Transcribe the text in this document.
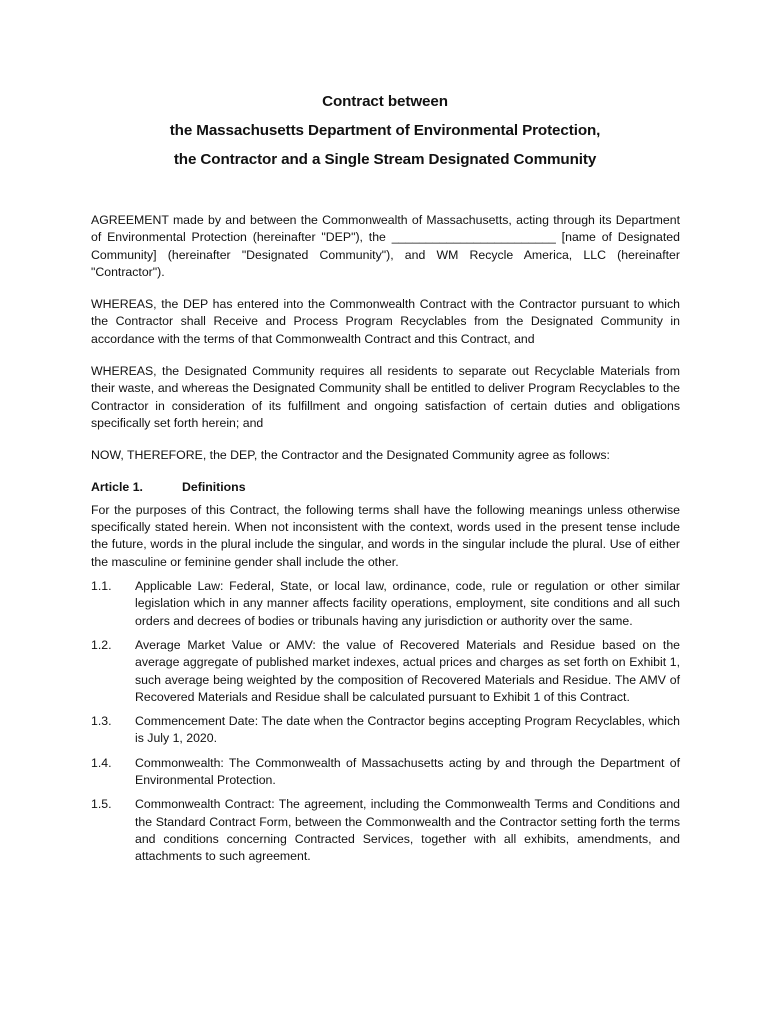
Contract between
the Massachusetts Department of Environmental Protection,
the Contractor and a Single Stream Designated Community

AGREEMENT made by and between the Commonwealth of Massachusetts, acting through its Department of Environmental Protection (hereinafter "DEP"), the ________________________ [name of Designated Community] (hereinafter "Designated Community"), and WM Recycle America, LLC (hereinafter "Contractor").

WHEREAS, the DEP has entered into the Commonwealth Contract with the Contractor pursuant to which the Contractor shall Receive and Process Program Recyclables from the Designated Community in accordance with the terms of that Commonwealth Contract and this Contract, and

WHEREAS, the Designated Community requires all residents to separate out Recyclable Materials from their waste, and whereas the Designated Community shall be entitled to deliver Program Recyclables to the Contractor in consideration of its fulfillment and ongoing satisfaction of certain duties and obligations specifically set forth herein; and

NOW, THEREFORE, the DEP, the Contractor and the Designated Community agree as follows:

Article 1.	Definitions

For the purposes of this Contract, the following terms shall have the following meanings unless otherwise specifically stated herein. When not inconsistent with the context, words used in the present tense include the future, words in the plural include the singular, and words in the singular include the plural. Use of either the masculine or feminine gender shall include the other.

1.1.	Applicable Law: Federal, State, or local law, ordinance, code, rule or regulation or other similar legislation which in any manner affects facility operations, employment, site conditions and all such orders and decrees of bodies or tribunals having any jurisdiction or authority over the same.
1.2.	Average Market Value or AMV: the value of Recovered Materials and Residue based on the average aggregate of published market indexes, actual prices and charges as set forth on Exhibit 1, such average being weighted by the composition of Recovered Materials and Residue. The AMV of Recovered Materials and Residue shall be calculated pursuant to Exhibit 1 of this Contract.
1.3.	Commencement Date: The date when the Contractor begins accepting Program Recyclables, which is July 1, 2020.
1.4.	Commonwealth: The Commonwealth of Massachusetts acting by and through the Department of Environmental Protection.
1.5.	Commonwealth Contract: The agreement, including the Commonwealth Terms and Conditions and the Standard Contract Form, between the Commonwealth and the Contractor setting forth the terms and conditions concerning Contracted Services, together with all exhibits, amendments, and attachments to such agreement.
